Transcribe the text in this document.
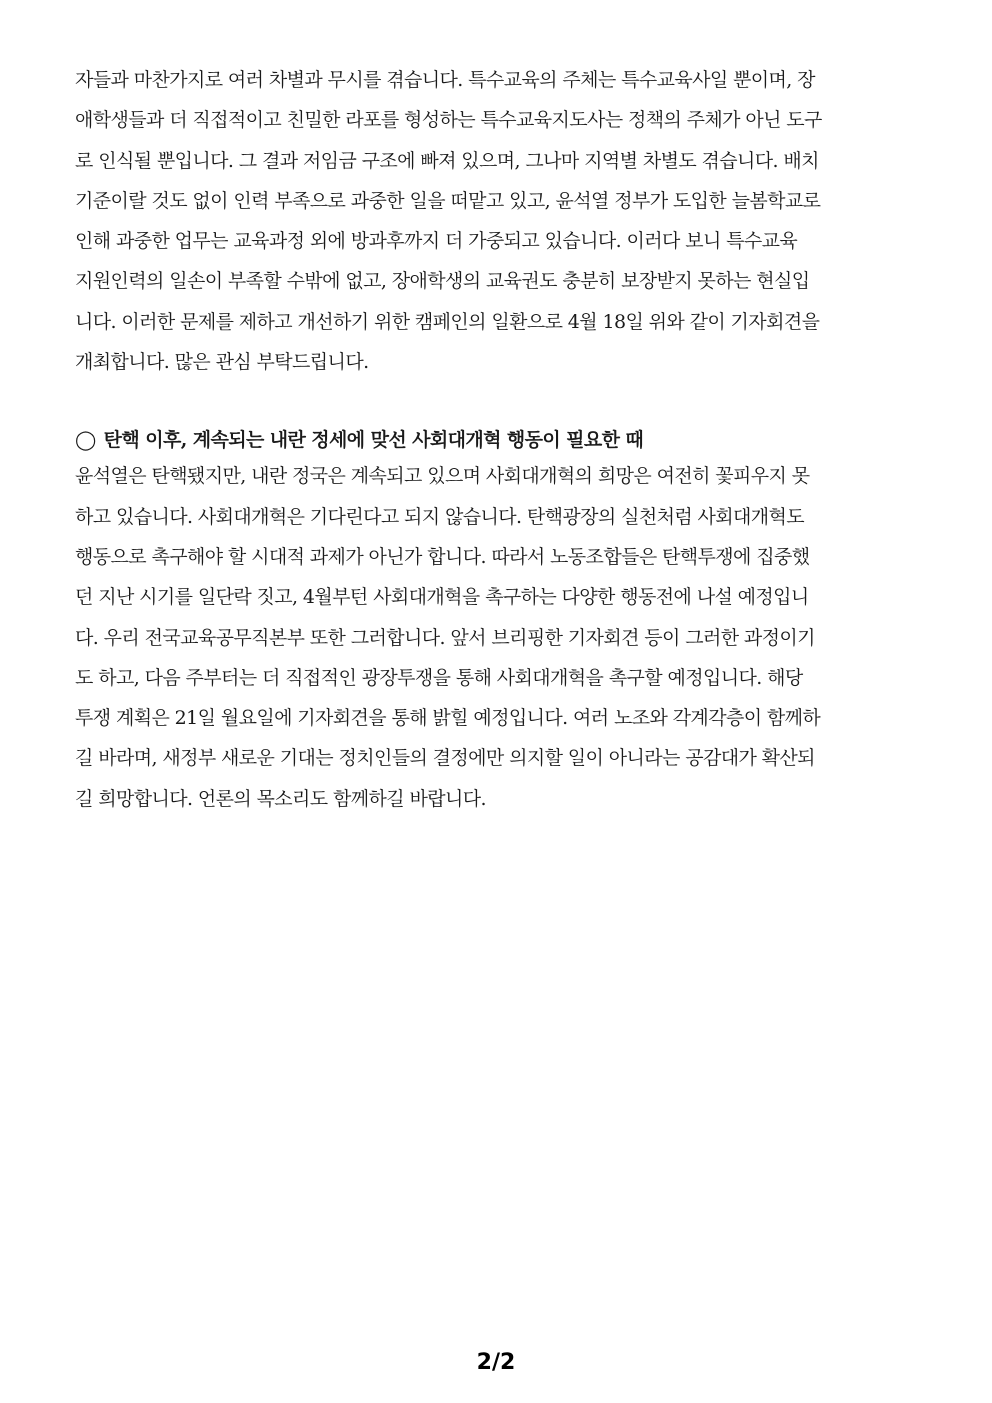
자들과 마찬가지로 여러 차별과 무시를 겪습니다. 특수교육의 주체는 특수교육사일 뿐이며, 장
애학생들과 더 직접적이고 친밀한 라포를 형성하는 특수교육지도사는 정책의 주체가 아닌 도구
로 인식될 뿐입니다. 그 결과 저임금 구조에 빠져 있으며, 그나마 지역별 차별도 겪습니다. 배치
기준이랄 것도 없이 인력 부족으로 과중한 일을 떠맡고 있고, 윤석열 정부가 도입한 늘봄학교로
인해 과중한 업무는 교육과정 외에 방과후까지 더 가중되고 있습니다. 이러다 보니 특수교육
지원인력의 일손이 부족할 수밖에 없고, 장애학생의 교육권도 충분히 보장받지 못하는 현실입
니다. 이러한 문제를 제하고 개선하기 위한 캠페인의 일환으로 4월 18일 위와 같이 기자회견을
개최합니다. 많은 관심 부탁드립니다.
◯ 탄핵 이후, 계속되는 내란 정세에 맞선 사회대개혁 행동이 필요한 때
윤석열은 탄핵됐지만, 내란 정국은 계속되고 있으며 사회대개혁의 희망은 여전히 꽃피우지 못
하고 있습니다. 사회대개혁은 기다린다고 되지 않습니다. 탄핵광장의 실천처럼 사회대개혁도
행동으로 촉구해야 할 시대적 과제가 아닌가 합니다. 따라서 노동조합들은 탄핵투쟁에 집중했
던 지난 시기를 일단락 짓고, 4월부턴 사회대개혁을 촉구하는 다양한 행동전에 나설 예정입니
다. 우리 전국교육공무직본부 또한 그러합니다. 앞서 브리핑한 기자회견 등이 그러한 과정이기
도 하고, 다음 주부터는 더 직접적인 광장투쟁을 통해 사회대개혁을 촉구할 예정입니다. 해당
투쟁 계획은 21일 월요일에 기자회견을 통해 밝힐 예정입니다. 여러 노조와 각계각층이 함께하
길 바라며, 새정부 새로운 기대는 정치인들의 결정에만 의지할 일이 아니라는 공감대가 확산되
길 희망합니다. 언론의 목소리도 함께하길 바랍니다.
2/2
